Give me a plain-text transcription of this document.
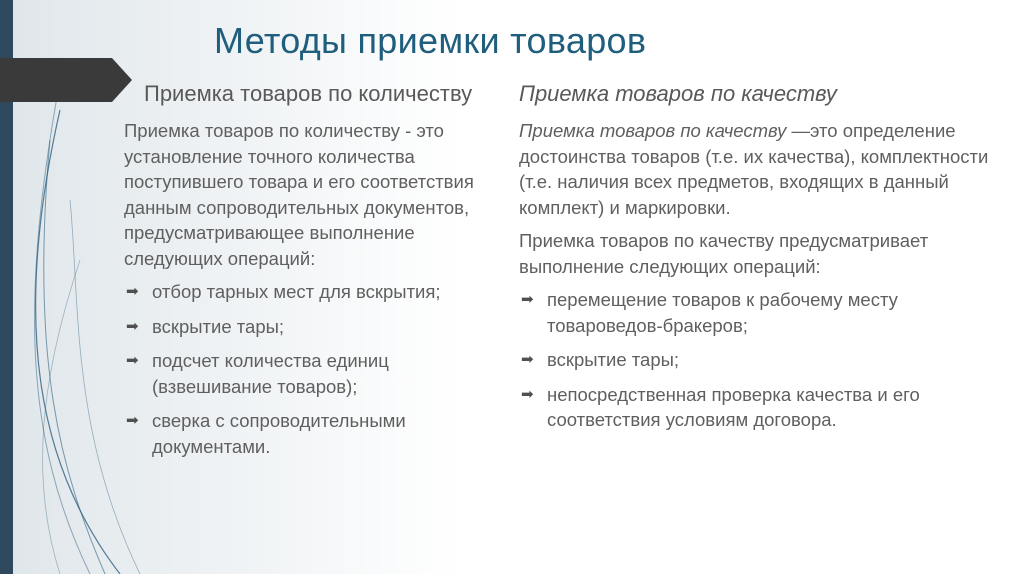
Методы приемки товаров
Приемка товаров по количеству

Приемка товаров по количеству - это установление точного количества поступившего товара и его соответствия данным сопроводительных документов, предусматривающее выполнение следующих операций:

➡ отбор тарных мест для вскрытия;
➡ вскрытие тары;
➡ подсчет количества единиц (взвешивание товаров);
➡ сверка с сопроводительными документами.
Приемка товаров по качеству

Приемка товаров по качеству —это определение достоинства товаров (т.е. их качества), комплектности (т.е. наличия всех предметов, входящих в данный комплект) и маркировки.

Приемка товаров по качеству предусматривает выполнение следующих операций:

➡ перемещение товаров к рабочему месту товароведов-бракеров;
➡ вскрытие тары;
➡ непосредственная проверка качества и его соответствия условиям договора.
